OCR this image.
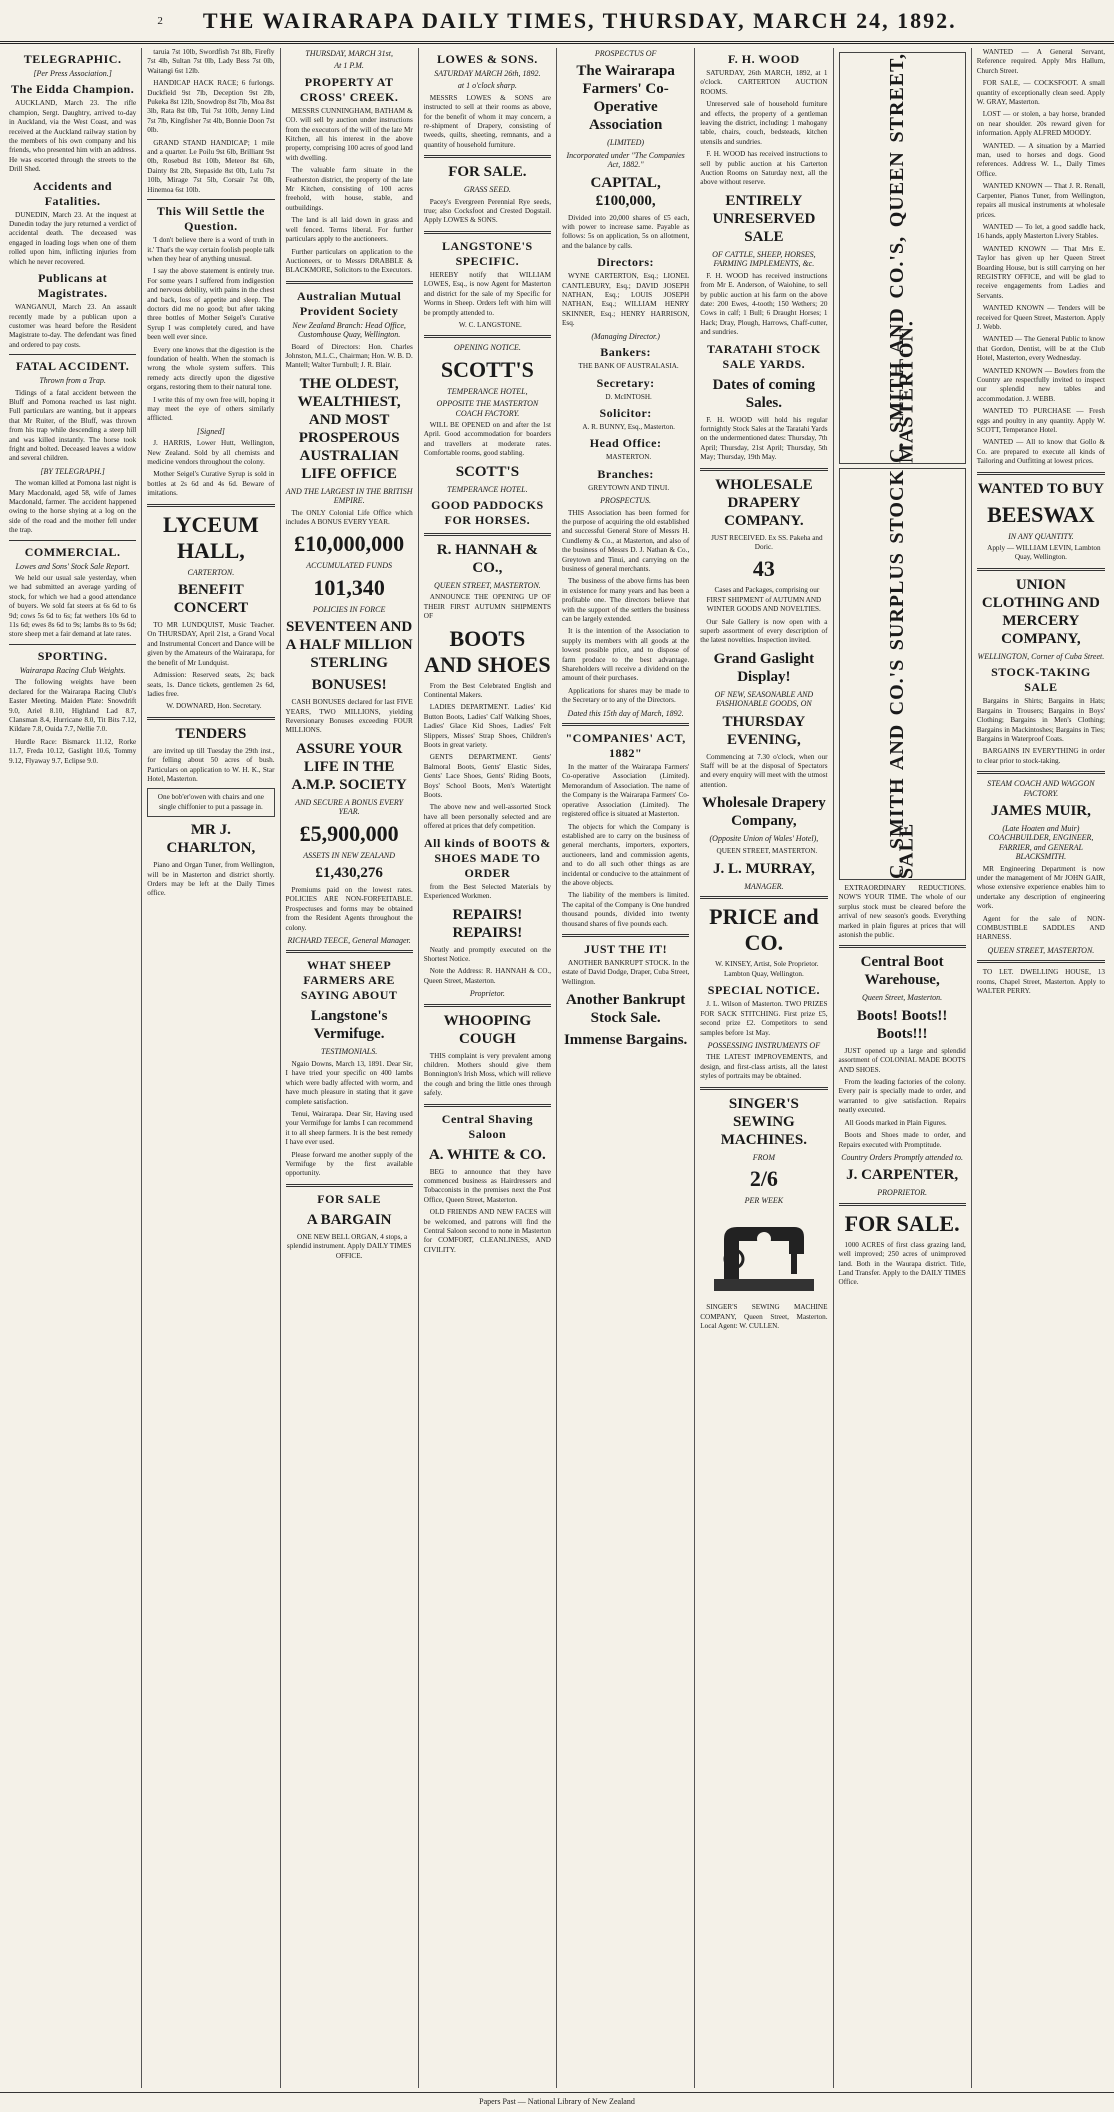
2 THE WAIRARAPA DAILY TIMES, THURSDAY, MARCH 24, 1892.
TELEGRAPHIC.
[Per Press Association.]
The Eidda Champion.

AUCKLAND, March 23. The rifle champion, Sergt. Daughtry, arrived to-day in Auckland, via the West Coast, and was received at the Auckland railway station by the members of his own company and his friends, who presented him with an address. He was escorted through the streets to the Drill Shed.

Accidents and Fatalities.

DUNEDIN, March 23. At the inquest at Dunedin today the jury returned a verdict of accidental death. The deceased was engaged in loading logs when one of them rolled upon him, inflicting injuries from which he never recovered.

Publicans at Magistrates.

WANGANUI, March 23. An assault recently made by a publican upon a customer was heard before the Resident Magistrate to-day. The defendant was fined and ordered to pay costs.

FATAL ACCIDENT.
Thrown from a Trap.

Tidings of a fatal accident between the Bluff and Pomona reached us last night. Full particulars are wanting, but it appears that Mr Ruiter, of the Bluff, was thrown from his trap while descending a steep hill and was killed instantly. The horse took fright and bolted. Deceased leaves a widow and several children.

[BY TELEGRAPH.]

The woman killed at Pomona last night is Mary Macdonald, aged 58, wife of James Macdonald, farmer. The accident happened owing to the horse shying at a log on the side of the road and the mother fell under the trap.

COMMERCIAL.
Lowes and Sons' Stock Sale Report.

We held our usual sale yesterday, when we had submitted an average yarding of stock, for which we had a good attendance of buyers. We sold fat steers at 6s 6d to 6s 9d; cows 5s 6d to 6s; fat wethers 10s 6d to 11s 6d; ewes 8s 6d to 9s; lambs 8s to 9s 6d; store sheep met a fair demand at late rates.

SPORTING.
Wairarapa Racing Club Weights.

The following weights have been declared for the Wairarapa Racing Club's Easter Meeting. Maiden Plate: Snowdrift 9.0, Ariel 8.10, Highland Lad 8.7, Clansman 8.4, Hurricane 8.0, Tit Bits 7.12, Kildare 7.8, Ouida 7.7, Nellie 7.0.

Hurdle Race: Bismarck 11.12, Rorke 11.7, Freda 10.12, Gaslight 10.6, Tommy 9.12, Flyaway 9.7, Eclipse 9.0.

taruia 7st 10lb, Swordfish 7st 8lb, Firefly 7st 4lb, Sultan 7st 0lb, Lady Bess 7st 0lb, Waitangi 6st 12lb.

HANDICAP HACK RACE; 6 furlongs. Duckfield 9st 7lb, Deception 9st 2lb, Pukeka 8st 12lb, Snowdrop 8st 7lb, Moa 8st 3lb, Rata 8st 0lb, Tui 7st 10lb, Jenny Lind 7st 7lb, Kingfisher 7st 4lb, Bonnie Doon 7st 0lb.

GRAND STAND HANDICAP; 1 mile and a quarter. Le Poilu 9st 6lb, Brilliant 9st 0lb, Rosebud 8st 10lb, Meteor 8st 6lb, Dainty 8st 2lb, Stepaside 8st 0lb, Lulu 7st 10lb, Mirage 7st 5lb, Corsair 7st 0lb, Hinemoa 6st 10lb.

This Will Settle the Question.

'I don't believe there is a word of truth in it.' That's the way certain foolish people talk when they hear of anything unusual.

I say the above statement is entirely true. For some years I suffered from indigestion and nervous debility, with pains in the chest and back, loss of appetite and sleep. The doctors did me no good; but after taking three bottles of Mother Seigel's Curative Syrup I was completely cured, and have been well ever since.

Every one knows that the digestion is the foundation of health. When the stomach is wrong the whole system suffers. This remedy acts directly upon the digestive organs, restoring them to their natural tone.

I write this of my own free will, hoping it may meet the eye of others similarly afflicted.

[Signed]

J. HARRIS, Lower Hutt, Wellington, New Zealand. Sold by all chemists and medicine vendors throughout the colony.

Mother Seigel's Curative Syrup is sold in bottles at 2s 6d and 4s 6d. Beware of imitations.

LYCEUM HALL,
CARTERTON.
BENEFIT CONCERT

TO MR LUNDQUIST, Music Teacher. On THURSDAY, April 21st, a Grand Vocal and Instrumental Concert and Dance will be given by the Amateurs of the Wairarapa, for the benefit of Mr Lundquist.

Admission: Reserved seats, 2s; back seats, 1s. Dance tickets, gentlemen 2s 6d, ladies free.

W. DOWNARD, Hon. Secretary.

TENDERS

are invited up till Tuesday the 29th inst., for felling about 50 acres of bush. Particulars on application to W. H. K., Star Hotel, Masterton.

One bob'er'owen with chairs and one single chiffonier to put a passage in.
MR J. CHARLTON,

Piano and Organ Tuner, from Wellington, will be in Masterton and district shortly. Orders may be left at the Daily Times office.

THURSDAY, MARCH 31st,
At 1 P.M.
PROPERTY AT CROSS' CREEK.

MESSRS CUNNINGHAM, BATHAM & CO. will sell by auction under instructions from the executors of the will of the late Mr Kitchen, all his interest in the above property, comprising 100 acres of good land with dwelling.

The valuable farm situate in the Featherston district, the property of the late Mr Kitchen, consisting of 100 acres freehold, with house, stable, and outbuildings.

The land is all laid down in grass and well fenced. Terms liberal. For further particulars apply to the auctioneers.

Further particulars on application to the Auctioneers, or to Messrs DRABBLE & BLACKMORE, Solicitors to the Executors.

Australian Mutual Provident Society
New Zealand Branch: Head Office, Customhouse Quay, Wellington.

Board of Directors: Hon. Charles Johnston, M.L.C., Chairman; Hon. W. B. D. Mantell; Walter Turnbull; J. R. Blair.

THE OLDEST, WEALTHIEST, AND MOST PROSPEROUS AUSTRALIAN LIFE OFFICE
AND THE LARGEST IN THE BRITISH EMPIRE.

The ONLY Colonial Life Office which includes A BONUS EVERY YEAR.

£10,000,000
ACCUMULATED FUNDS
101,340
POLICIES IN FORCE
SEVENTEEN AND A HALF MILLION STERLING
BONUSES!

CASH BONUSES declared for last FIVE YEARS, TWO MILLIONS, yielding Reversionary Bonuses exceeding FOUR MILLIONS.

ASSURE YOUR LIFE IN THE A.M.P. SOCIETY
AND SECURE A BONUS EVERY YEAR.
£5,900,000
ASSETS IN NEW ZEALAND
£1,430,276

Premiums paid on the lowest rates. POLICIES ARE NON-FORFEITABLE. Prospectuses and forms may be obtained from the Resident Agents throughout the colony.

RICHARD TEECE, General Manager.
WHAT SHEEP FARMERS ARE SAYING ABOUT
Langstone's Vermifuge.
TESTIMONIALS.

Ngaio Downs, March 13, 1891. Dear Sir, I have tried your specific on 400 lambs which were badly affected with worm, and have much pleasure in stating that it gave complete satisfaction.

Tenui, Wairarapa. Dear Sir, Having used your Vermifuge for lambs I can recommend it to all sheep farmers. It is the best remedy I have ever used.

Please forward me another supply of the Vermifuge by the first available opportunity.

FOR SALE
A BARGAIN

ONE NEW BELL ORGAN, 4 stops, a splendid instrument. Apply DAILY TIMES OFFICE.

LOWES & SONS.
SATURDAY MARCH 26th, 1892.
at 1 o'clock sharp.

MESSRS LOWES & SONS are instructed to sell at their rooms as above, for the benefit of whom it may concern, a re-shipment of Drapery, consisting of tweeds, quilts, sheeting, remnants, and a quantity of household furniture.

FOR SALE.
GRASS SEED.

Pacey's Evergreen Perennial Rye seeds, true; also Cocksfoot and Crested Dogstail. Apply LOWES & SONS.

LANGSTONE'S SPECIFIC.

HEREBY notify that WILLIAM LOWES, Esq., is now Agent for Masterton and district for the sale of my Specific for Worms in Sheep. Orders left with him will be promptly attended to.

W. C. LANGSTONE.

OPENING NOTICE.
SCOTT'S
TEMPERANCE HOTEL,
OPPOSITE THE MASTERTON COACH FACTORY.

WILL BE OPENED on and after the 1st April. Good accommodation for boarders and travellers at moderate rates. Comfortable rooms, good stabling.

SCOTT'S
TEMPERANCE HOTEL.
GOOD PADDOCKS FOR HORSES.
R. HANNAH & CO.,
QUEEN STREET, MASTERTON.

ANNOUNCE THE OPENING UP OF THEIR FIRST AUTUMN SHIPMENTS OF

BOOTS AND SHOES

From the Best Celebrated English and Continental Makers.

LADIES DEPARTMENT. Ladies' Kid Button Boots, Ladies' Calf Walking Shoes, Ladies' Glace Kid Shoes, Ladies' Felt Slippers, Misses' Strap Shoes, Children's Boots in great variety.

GENTS DEPARTMENT. Gents' Balmoral Boots, Gents' Elastic Sides, Gents' Lace Shoes, Gents' Riding Boots, Boys' School Boots, Men's Watertight Boots.

The above new and well-assorted Stock have all been personally selected and are offered at prices that defy competition.

All kinds of BOOTS & SHOES MADE TO ORDER

from the Best Selected Materials by Experienced Workmen.

REPAIRS! REPAIRS!

Neatly and promptly executed on the Shortest Notice.

Note the Address: R. HANNAH & CO., Queen Street, Masterton.

Proprietor.
WHOOPING COUGH

THIS complaint is very prevalent among children. Mothers should give them Bonnington's Irish Moss, which will relieve the cough and bring the little ones through safely.

Central Shaving Saloon
A. WHITE & CO.

BEG to announce that they have commenced business as Hairdressers and Tobacconists in the premises next the Post Office, Queen Street, Masterton.

OLD FRIENDS AND NEW FACES will be welcomed, and patrons will find the Central Saloon second to none in Masterton for COMFORT, CLEANLINESS, AND CIVILITY.

PROSPECTUS OF
The Wairarapa Farmers' Co-Operative Association
(LIMITED)
Incorporated under "The Companies Act, 1882."
CAPITAL, £100,000,

Divided into 20,000 shares of £5 each, with power to increase same. Payable as follows: 5s on application, 5s on allotment, and the balance by calls.

Directors:

WYNE CARTERTON, Esq.; LIONEL CANTLEBURY, Esq.; DAVID JOSEPH NATHAN, Esq.; LOUIS JOSEPH NATHAN, Esq.; WILLIAM HENRY SKINNER, Esq.; HENRY HARRISON, Esq.

(Managing Director.)
Bankers:

THE BANK OF AUSTRALASIA.

Secretary:

D. McINTOSH.

Solicitor:

A. R. BUNNY, Esq., Masterton.

Head Office:

MASTERTON.

Branches:

GREYTOWN AND TINUI.

PROSPECTUS.

THIS Association has been formed for the purpose of acquiring the old established and successful General Store of Messrs H. Cundlemy & Co., at Masterton, and also of the business of Messrs D. J. Nathan & Co., Greytown and Tinui, and carrying on the business of general merchants.

The business of the above firms has been in existence for many years and has been a profitable one. The directors believe that with the support of the settlers the business can be largely extended.

It is the intention of the Association to supply its members with all goods at the lowest possible price, and to dispose of farm produce to the best advantage. Shareholders will receive a dividend on the amount of their purchases.

Applications for shares may be made to the Secretary or to any of the Directors.

Dated this 15th day of March, 1892.
"COMPANIES' ACT, 1882"

In the matter of the Wairarapa Farmers' Co-operative Association (Limited). Memorandum of Association. The name of the Company is the Wairarapa Farmers' Co-operative Association (Limited). The registered office is situated at Masterton.

The objects for which the Company is established are to carry on the business of general merchants, importers, exporters, auctioneers, land and commission agents, and to do all such other things as are incidental or conducive to the attainment of the above objects.

The liability of the members is limited. The capital of the Company is One hundred thousand pounds, divided into twenty thousand shares of five pounds each.

JUST THE IT!

ANOTHER BANKRUPT STOCK. In the estate of David Dodge, Draper, Cuba Street, Wellington.

Another Bankrupt Stock Sale.
Immense Bargains.
F. H. WOOD

SATURDAY, 26th MARCH, 1892, at 1 o'clock. CARTERTON AUCTION ROOMS.

Unreserved sale of household furniture and effects, the property of a gentleman leaving the district, including: 1 mahogany table, chairs, couch, bedsteads, kitchen utensils and sundries.

F. H. WOOD has received instructions to sell by public auction at his Carterton Auction Rooms on Saturday next, all the above without reserve.

ENTIRELY UNRESERVED SALE
OF CATTLE, SHEEP, HORSES, FARMING IMPLEMENTS, &c.

F. H. WOOD has received instructions from Mr E. Anderson, of Waiohine, to sell by public auction at his farm on the above date: 200 Ewes, 4-tooth; 150 Wethers; 20 Cows in calf; 1 Bull; 6 Draught Horses; 1 Hack; Dray, Plough, Harrows, Chaff-cutter, and sundries.

TARATAHI STOCK SALE YARDS.
Dates of coming Sales.

F. H. WOOD will hold his regular fortnightly Stock Sales at the Taratahi Yards on the undermentioned dates: Thursday, 7th April; Thursday, 21st April; Thursday, 5th May; Thursday, 19th May.

WHOLESALE DRAPERY COMPANY.

JUST RECEIVED. Ex SS. Pakeha and Doric.

43

Cases and Packages, comprising our FIRST SHIPMENT of AUTUMN AND WINTER GOODS AND NOVELTIES.

Our Sale Gallery is now open with a superb assortment of every description of the latest novelties. Inspection invited.

Grand Gaslight Display!
OF NEW, SEASONABLE AND FASHIONABLE GOODS, ON
THURSDAY EVENING,

Commencing at 7.30 o'clock, when our Staff will be at the disposal of Spectators and every enquiry will meet with the utmost attention.

Wholesale Drapery Company,
(Opposite Union of Wales' Hotel),

QUEEN STREET, MASTERTON.

J. L. MURRAY,
MANAGER.
PRICE and CO.

W. KINSEY, Artist, Sole Proprietor. Lambton Quay, Wellington.

SPECIAL NOTICE.

J. L. Wilson of Masterton. TWO PRIZES FOR SACK STITCHING. First prize £5, second prize £2. Competitors to send samples before 1st May.

POSSESSING INSTRUMENTS OF

THE LATEST IMPROVEMENTS, and design, and first-class artists, all the latest styles of portraits may be obtained.

SINGER'S SEWING MACHINES.
FROM
2/6
PER WEEK

SINGER'S SEWING MACHINE COMPANY, Queen Street, Masterton. Local Agent: W. CULLEN.

C. SMITH AND CO.'S, QUEEN STREET, MASTERTON.
C. SMITH AND CO.'S SURPLUS STOCK SALE

EXTRAORDINARY REDUCTIONS. NOW'S YOUR TIME. The whole of our surplus stock must be cleared before the arrival of new season's goods. Everything marked in plain figures at prices that will astonish the public.

Central Boot Warehouse,
Queen Street, Masterton.
Boots! Boots!! Boots!!!

JUST opened up a large and splendid assortment of COLONIAL MADE BOOTS AND SHOES.

From the leading factories of the colony. Every pair is specially made to order, and warranted to give satisfaction. Repairs neatly executed.

All Goods marked in Plain Figures.

Boots and Shoes made to order, and Repairs executed with Promptitude.

Country Orders Promptly attended to.
J. CARPENTER,
PROPRIETOR.
FOR SALE.

1000 ACRES of first class grazing land, well improved; 250 acres of unimproved land. Both in the Waurapa district. Title, Land Transfer. Apply to the DAILY TIMES Office.

WANTED — A General Servant, Reference required. Apply Mrs Hallum, Church Street.

FOR SALE, — COCKSFOOT. A small quantity of exceptionally clean seed. Apply W. GRAY, Masterton.

LOST — or stolen, a bay horse, branded on near shoulder. 20s reward given for information. Apply ALFRED MOODY.

WANTED. — A situation by a Married man, used to horses and dogs. Good references. Address W. L., Daily Times Office.

WANTED KNOWN — That J. R. Renall, Carpenter, Pianos Tuner, from Wellington, repairs all musical instruments at wholesale prices.

WANTED — To let, a good saddle hack, 16 hands, apply Masterton Livery Stables.

WANTED KNOWN — That Mrs E. Taylor has given up her Queen Street Boarding House, but is still carrying on her REGISTRY OFFICE, and will be glad to receive engagements from Ladies and Servants.

WANTED KNOWN — Tenders will be received for Queen Street, Masterton. Apply J. Webb.

WANTED — The General Public to know that Gordon, Dentist, will be at the Club Hotel, Masterton, every Wednesday.

WANTED KNOWN — Bowlers from the Country are respectfully invited to inspect our splendid new tables and accommodation. J. WEBB.

WANTED TO PURCHASE — Fresh eggs and poultry in any quantity. Apply W. SCOTT, Temperance Hotel.

WANTED — All to know that Gollo & Co. are prepared to execute all kinds of Tailoring and Outfitting at lowest prices.

WANTED TO BUY
BEESWAX
IN ANY QUANTITY.

Apply — WILLIAM LEVIN, Lambton Quay, Wellington.

UNION CLOTHING AND MERCERY COMPANY,
WELLINGTON, Corner of Cuba Street.
STOCK-TAKING SALE

Bargains in Shirts; Bargains in Hats; Bargains in Trousers; Bargains in Boys' Clothing; Bargains in Men's Clothing; Bargains in Mackintoshes; Bargains in Ties; Bargains in Waterproof Coats.

BARGAINS IN EVERYTHING in order to clear prior to stock-taking.

STEAM COACH AND WAGGON FACTORY.
JAMES MUIR,
(Late Hoaten and Muir) COACHBUILDER, ENGINEER, FARRIER, and GENERAL BLACKSMITH.

MR Engineering Department is now under the management of Mr JOHN GAIR, whose extensive experience enables him to undertake any description of engineering work.

Agent for the sale of NON-COMBUSTIBLE SADDLES AND HARNESS.

QUEEN STREET, MASTERTON.

TO LET. DWELLING HOUSE, 13 rooms, Chapel Street, Masterton. Apply to WALTER PERRY.

Papers Past — National Library of New Zealand
